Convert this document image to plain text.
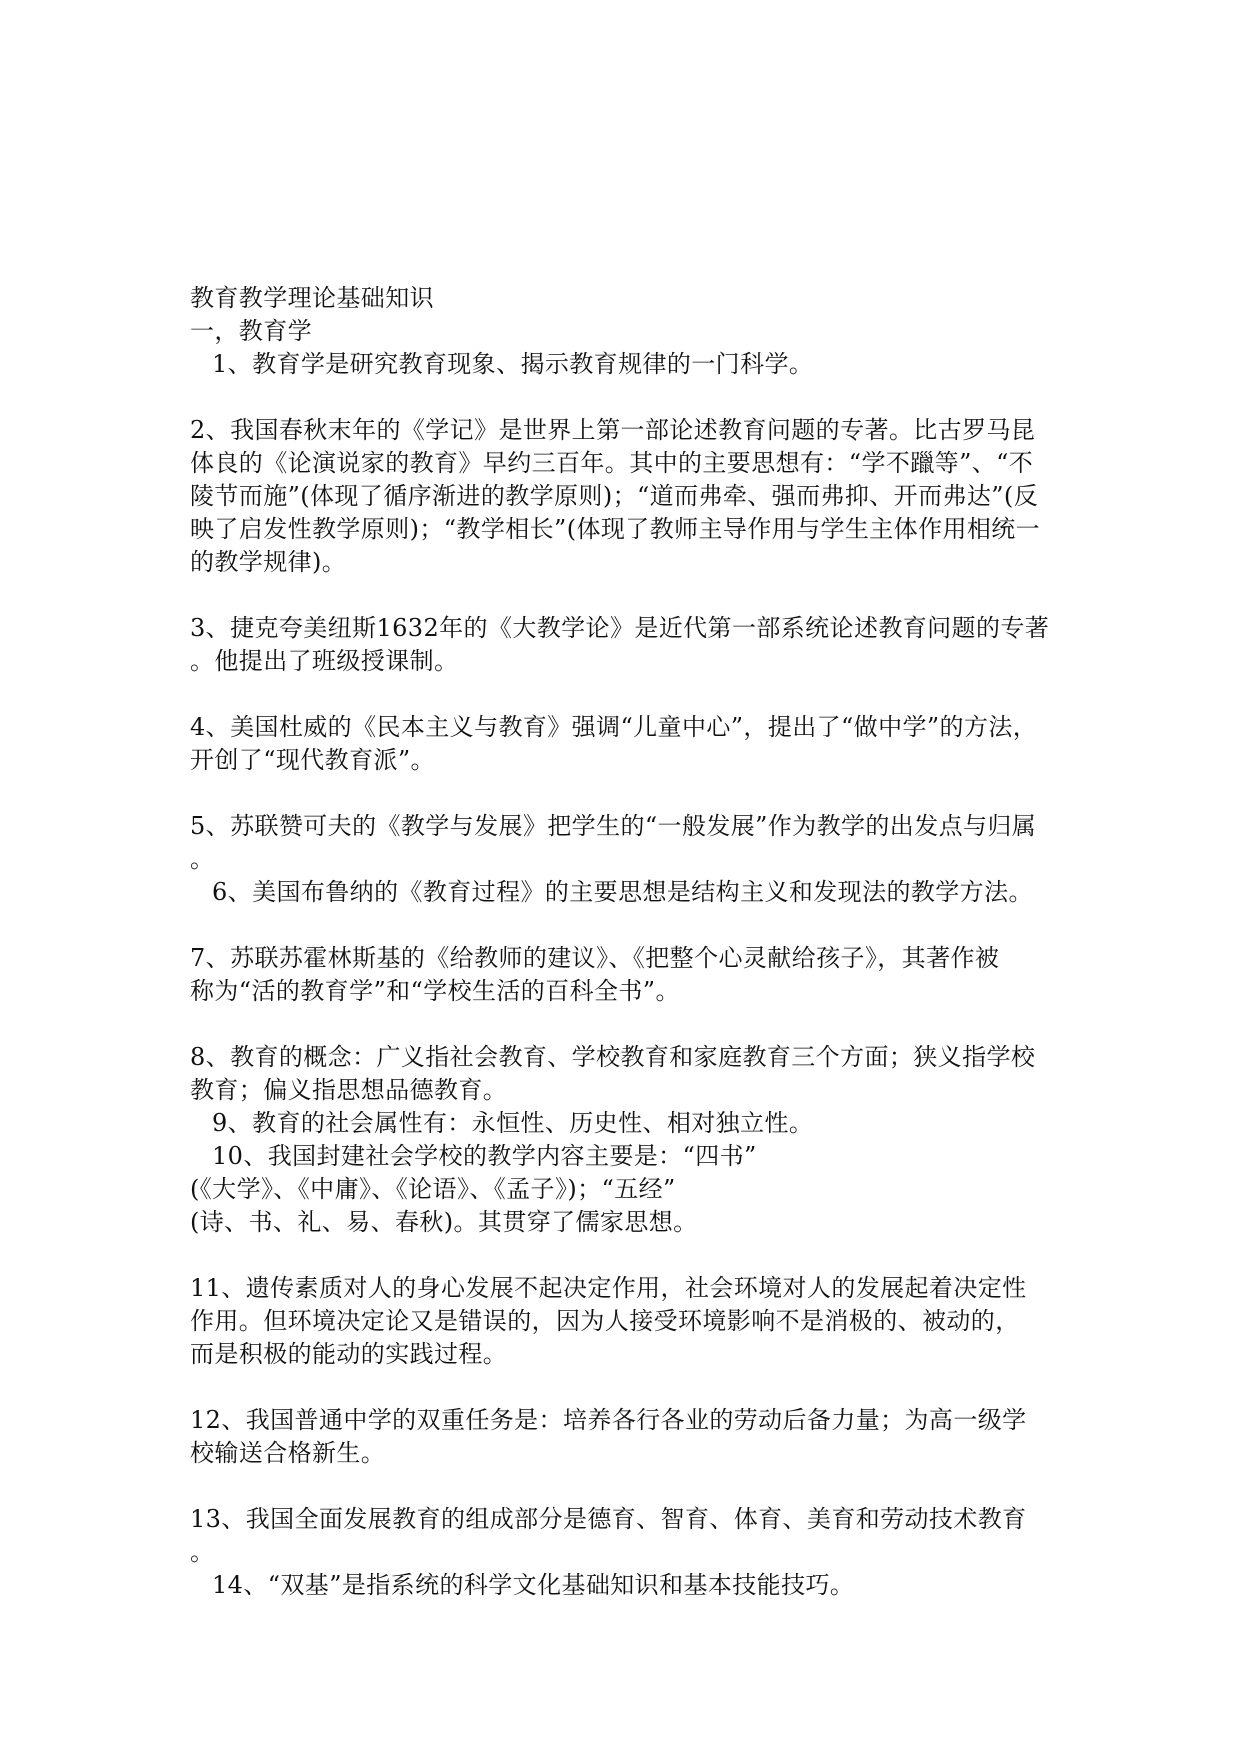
教育教学理论基础知识
一，教育学
1、教育学是研究教育现象、揭示教育规律的一门科学。
2、我国春秋末年的《学记》是世界上第一部论述教育问题的专著。比古罗马昆
体良的《论演说家的教育》早约三百年。其中的主要思想有：“学不躐等”、“不
陵节而施”(体现了循序渐进的教学原则)；“道而弗牵、强而弗抑、开而弗达”(反
映了启发性教学原则)；“教学相长”(体现了教师主导作用与学生主体作用相统一
的教学规律)。
3、捷克夸美纽斯1632年的《大教学论》是近代第一部系统论述教育问题的专著
。他提出了班级授课制。
4、美国杜威的《民本主义与教育》强调“儿童中心”，提出了“做中学”的方法，
开创了“现代教育派”。
5、苏联赞可夫的《教学与发展》把学生的“一般发展”作为教学的出发点与归属
。
6、美国布鲁纳的《教育过程》的主要思想是结构主义和发现法的教学方法。
7、苏联苏霍林斯基的《给教师的建议》、《把整个心灵献给孩子》，其著作被
称为“活的教育学”和“学校生活的百科全书”。
8、教育的概念：广义指社会教育、学校教育和家庭教育三个方面；狭义指学校
教育；偏义指思想品德教育。
9、教育的社会属性有：永恒性、历史性、相对独立性。
10、我国封建社会学校的教学内容主要是：“四书”
(《大学》、《中庸》、《论语》、《孟子》)；“五经”
(诗、书、礼、易、春秋)。其贯穿了儒家思想。
11、遗传素质对人的身心发展不起决定作用，社会环境对人的发展起着决定性
作用。但环境决定论又是错误的，因为人接受环境影响不是消极的、被动的，
而是积极的能动的实践过程。
12、我国普通中学的双重任务是：培养各行各业的劳动后备力量；为高一级学
校输送合格新生。
13、我国全面发展教育的组成部分是德育、智育、体育、美育和劳动技术教育
。
14、“双基”是指系统的科学文化基础知识和基本技能技巧。
